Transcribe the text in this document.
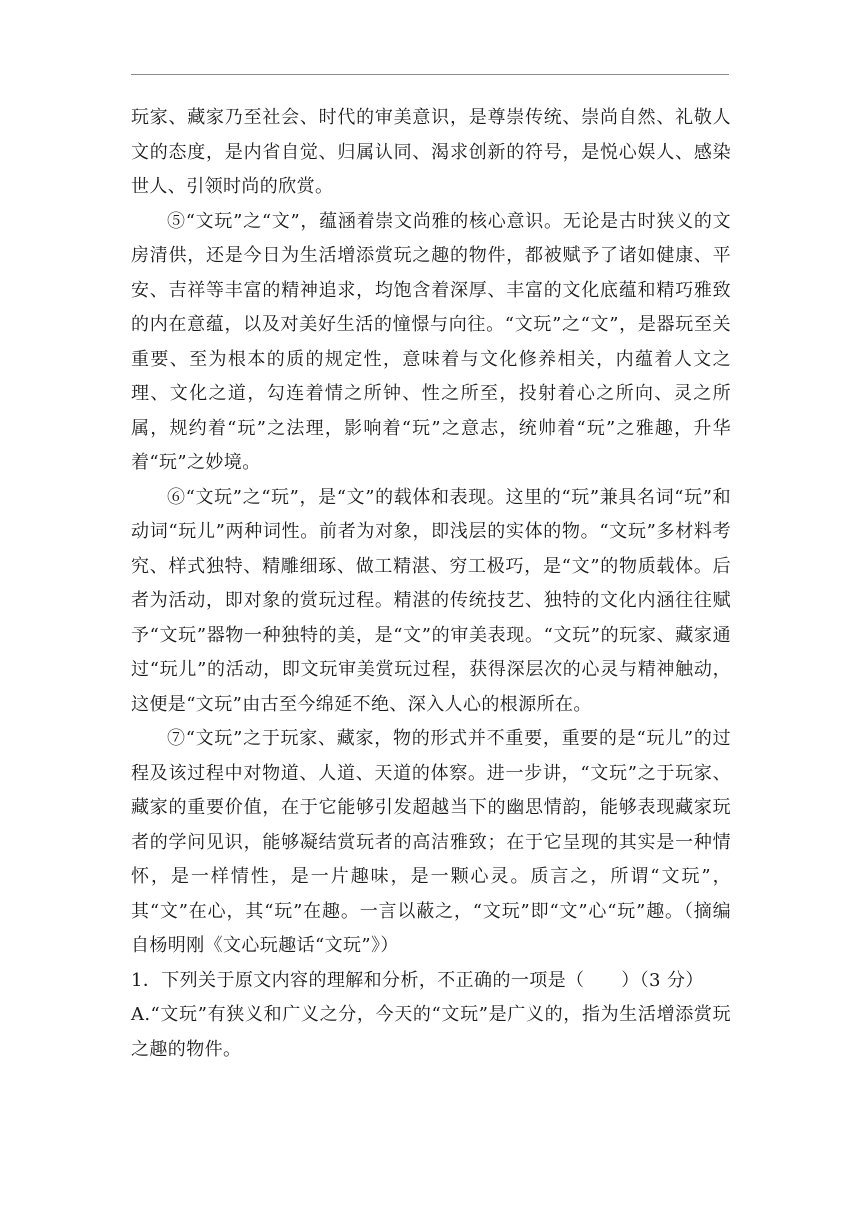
玩家、藏家乃至社会、时代的审美意识，是尊崇传统、崇尚自然、礼敬人文的态度，是内省自觉、归属认同、渴求创新的符号，是悦心娱人、感染世人、引领时尚的欣赏。

⑤“文玩”之“文”，蕴涵着崇文尚雅的核心意识。无论是古时狭义的文房清供，还是今日为生活增添赏玩之趣的物件，都被赋予了诸如健康、平安、吉祥等丰富的精神追求，均饱含着深厚、丰富的文化底蕴和精巧雅致的内在意蕴，以及对美好生活的憧憬与向往。“文玩”之“文”，是器玩至关重要、至为根本的质的规定性，意味着与文化修养相关，内蕴着人文之理、文化之道，勾连着情之所钟、性之所至，投射着心之所向、灵之所属，规约着“玩”之法理，影响着“玩”之意志，统帅着“玩”之雅趣，升华着“玩”之妙境。

⑥“文玩”之“玩”，是“文”的载体和表现。这里的“玩”兼具名词“玩”和动词“玩儿”两种词性。前者为对象，即浅层的实体的物。“文玩”多材料考究、样式独特、精雕细琢、做工精湛、穷工极巧，是“文”的物质载体。后者为活动，即对象的赏玩过程。精湛的传统技艺、独特的文化内涵往往赋予“文玩”器物一种独特的美，是“文”的审美表现。“文玩”的玩家、藏家通过“玩儿”的活动，即文玩审美赏玩过程，获得深层次的心灵与精神触动，这便是“文玩”由古至今绵延不绝、深入人心的根源所在。

⑦“文玩”之于玩家、藏家，物的形式并不重要，重要的是“玩儿”的过程及该过程中对物道、人道、天道的体察。进一步讲，“文玩”之于玩家、藏家的重要价值，在于它能够引发超越当下的幽思情韵，能够表现藏家玩者的学问见识，能够凝结赏玩者的高洁雅致；在于它呈现的其实是一种情怀，是一样情性，是一片趣味，是一颗心灵。质言之，所谓“文玩”，其“文”在心，其“玩”在趣。一言以蔽之，“文玩”即“文”心“玩”趣。（摘编自杨明刚《文心玩趣话“文玩”》）

1．下列关于原文内容的理解和分析，不正确的一项是（　　）（3 分）

A.“文玩”有狭义和广义之分，今天的“文玩”是广义的，指为生活增添赏玩之趣的物件。
